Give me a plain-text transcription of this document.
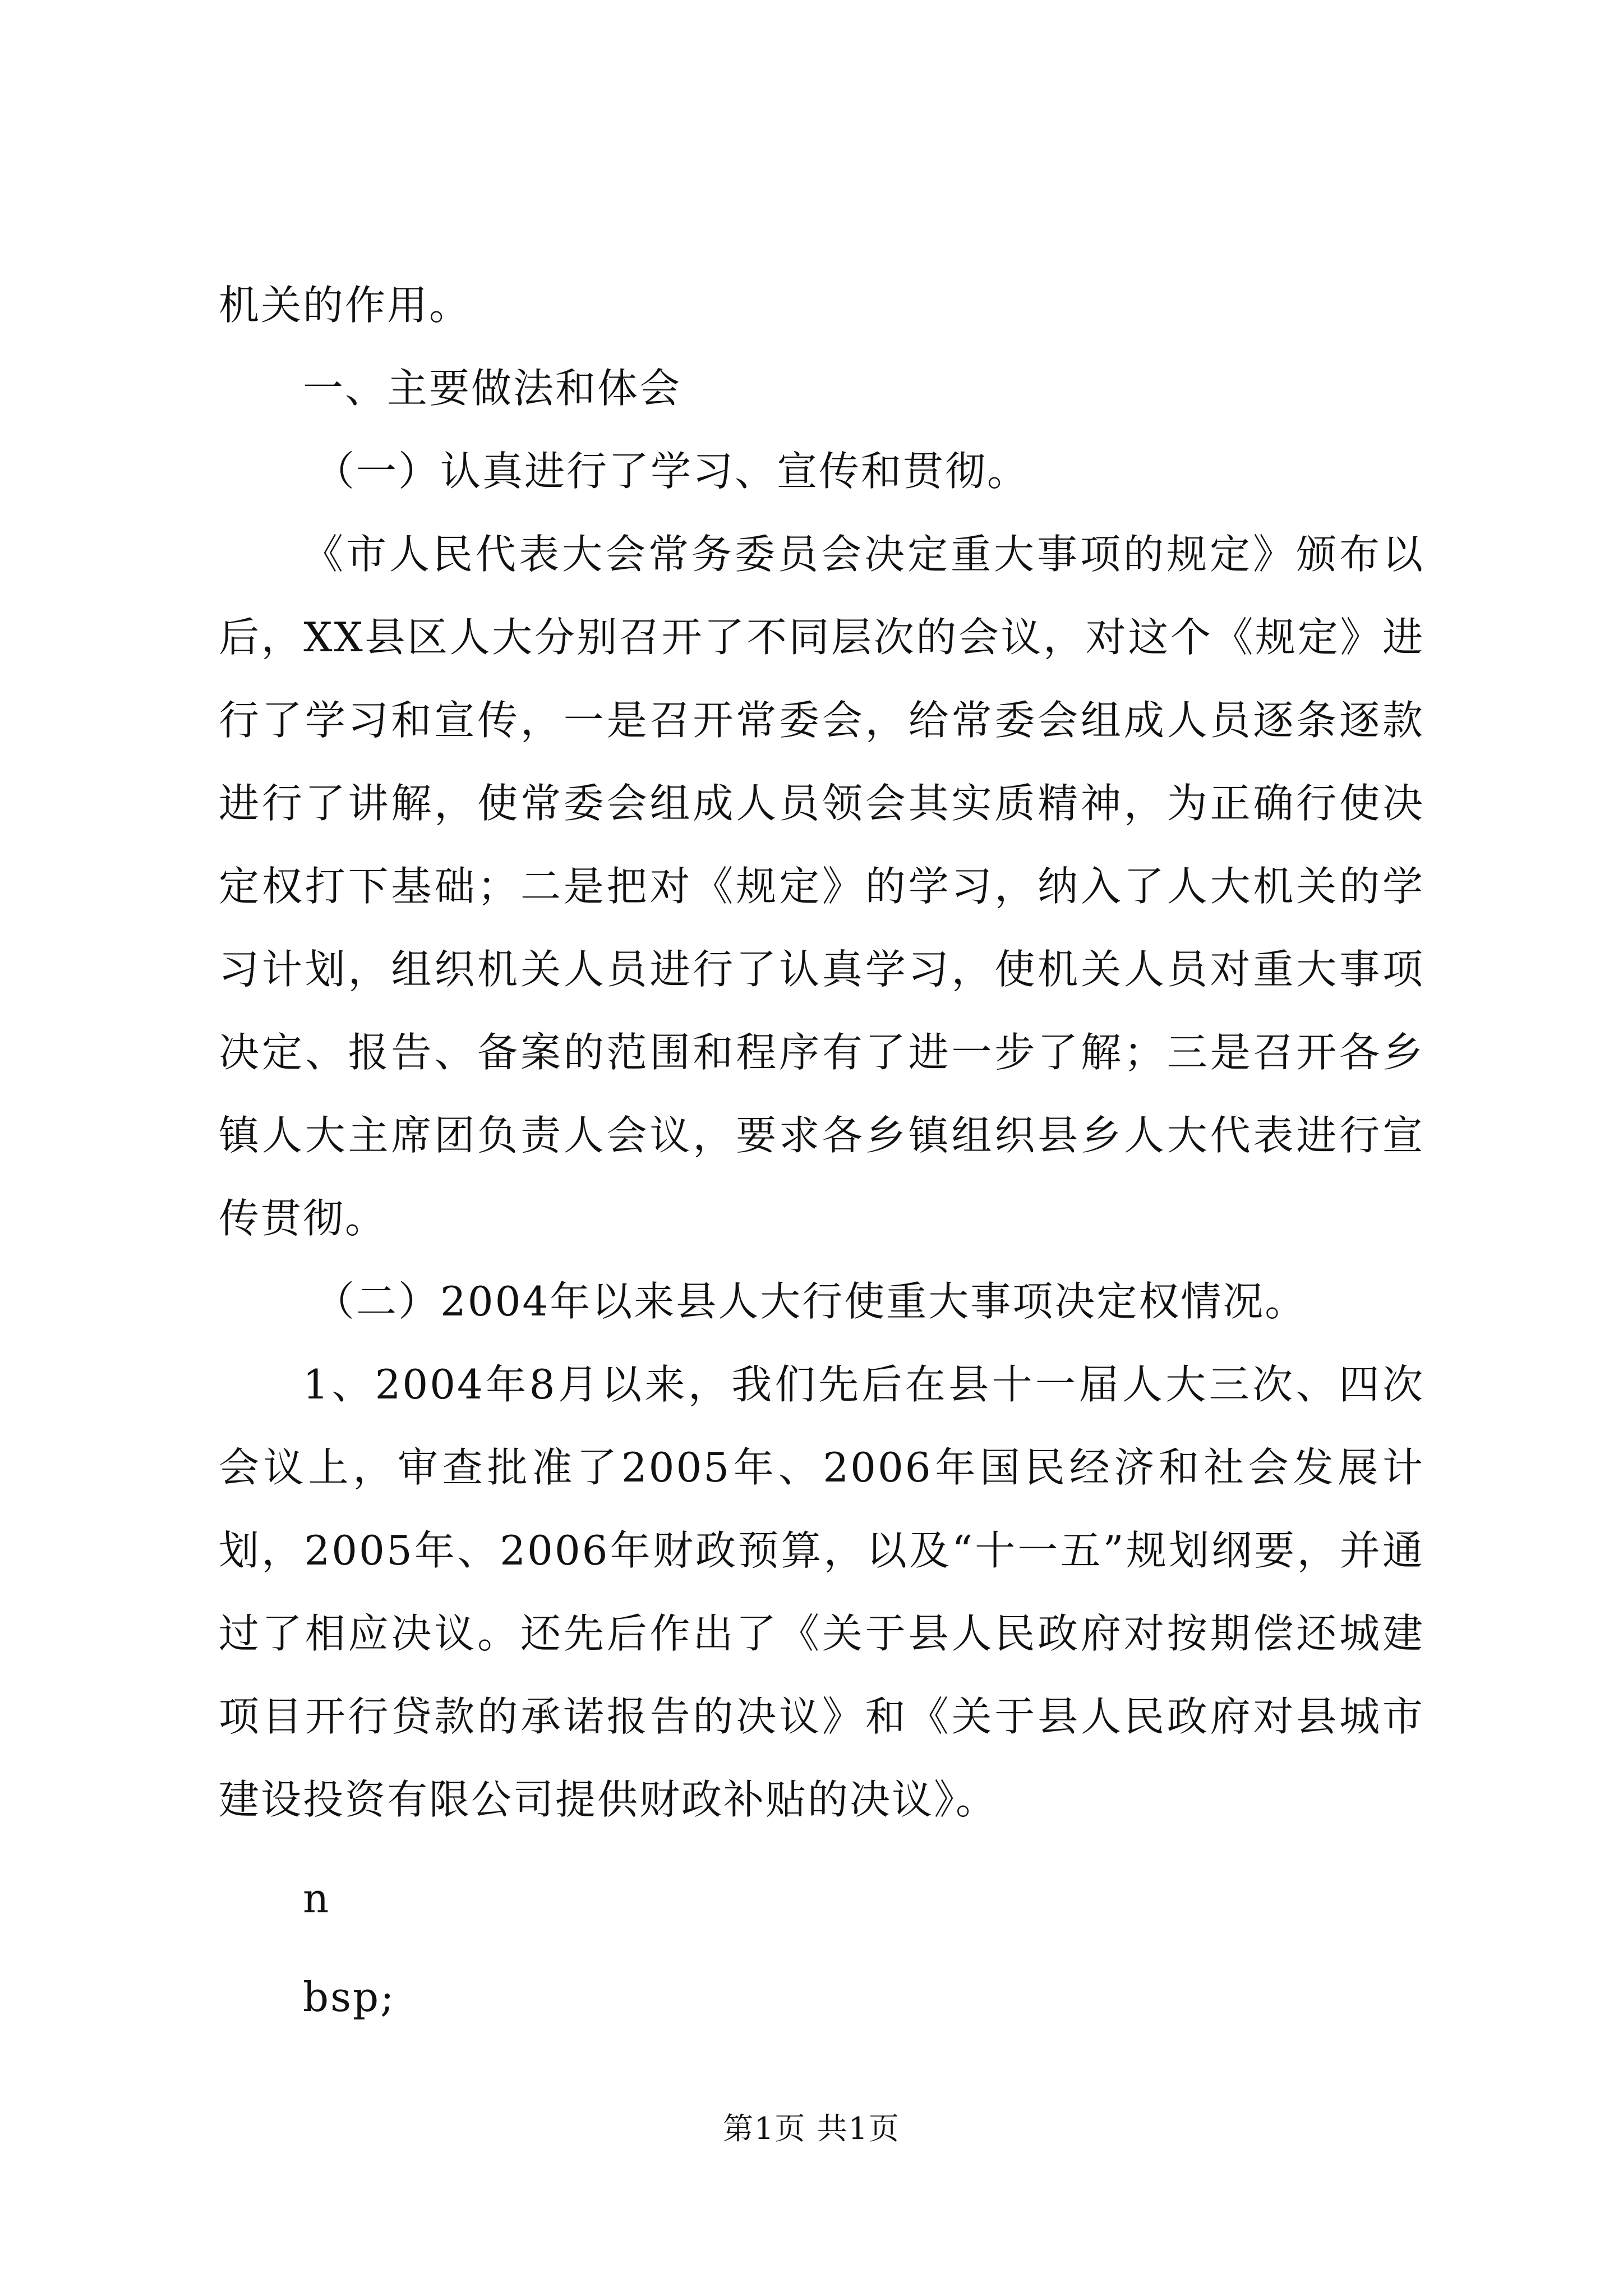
机关的作用。

一、主要做法和体会

（一）认真进行了学习、宣传和贯彻。

《市人民代表大会常务委员会决定重大事项的规定》颁布以后，XX县区人大分别召开了不同层次的会议，对这个《规定》进行了学习和宣传，一是召开常委会，给常委会组成人员逐条逐款进行了讲解，使常委会组成人员领会其实质精神，为正确行使决定权打下基础；二是把对《规定》的学习，纳入了人大机关的学习计划，组织机关人员进行了认真学习，使机关人员对重大事项决定、报告、备案的范围和程序有了进一步了解；三是召开各乡镇人大主席团负责人会议，要求各乡镇组织县乡人大代表进行宣传贯彻。

（二）2004年以来县人大行使重大事项决定权情况。

1、2004年8月以来，我们先后在县十一届人大三次、四次会议上，审查批准了2005年、2006年国民经济和社会发展计划，2005年、2006年财政预算，以及“十一五”规划纲要，并通过了相应决议。还先后作出了《关于县人民政府对按期偿还城建项目开行贷款的承诺报告的决议》和《关于县人民政府对县城市建设投资有限公司提供财政补贴的决议》。

n

bsp;

第1页 共1页
